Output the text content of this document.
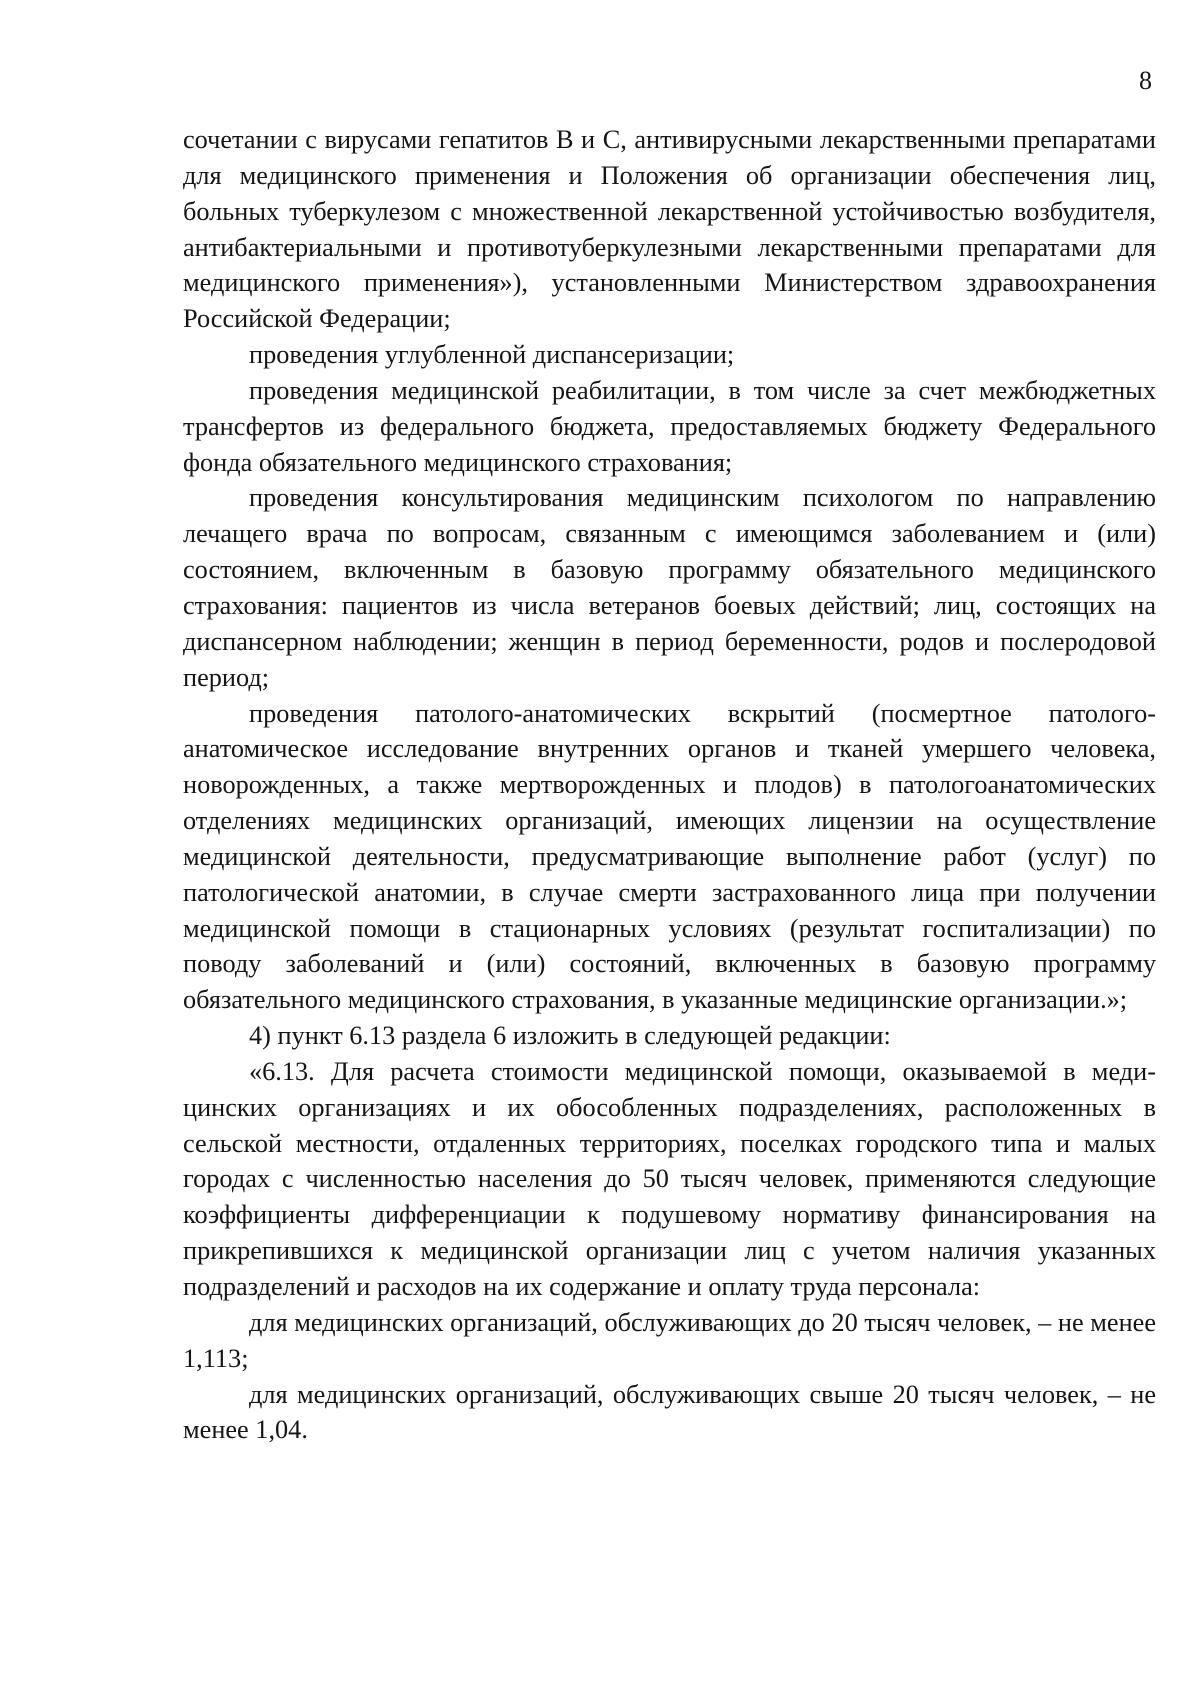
8

сочетании с вирусами гепатитов В и С, антивирусными лекарственными препаратами для медицинского применения и Положения об организации обеспечения лиц, больных туберкулезом с множественной лекарственной устойчивостью возбудителя, антибактериальными и противотуберкулезными лекарственными препаратами для медицинского применения»), установленными Министерством здравоохранения Российской Федерации;

проведения углубленной диспансеризации;

проведения медицинской реабилитации, в том числе за счет межбюджетных трансфертов из федерального бюджета, предоставляемых бюджету Федерального фонда обязательного медицинского страхования;

проведения консультирования медицинским психологом по направлению лечащего врача по вопросам, связанным с имеющимся заболеванием и (или) состоянием, включенным в базовую программу обязательного медицинского страхования: пациентов из числа ветеранов боевых действий; лиц, состоящих на диспансерном наблюдении; женщин в период беременности, родов и послеродовой период;

проведения патолого-анатомических вскрытий (посмертное патологоанатомическое исследование внутренних органов и тканей умершего человека, новорожденных, а также мертворожденных и плодов) в патологоанатомических отделениях медицинских организаций, имеющих лицензии на осуществление медицинской деятельности, предусматривающие выполнение работ (услуг) по патологической анатомии, в случае смерти застрахованного лица при получении медицинской помощи в стационарных условиях (результат госпитализации) по поводу заболеваний и (или) состояний, включенных в базовую программу обязательного медицинского страхования, в указанные медицинские организации.»;

4) пункт 6.13 раздела 6 изложить в следующей редакции:

«6.13. Для расчета стоимости медицинской помощи, оказываемой в медицинских организациях и их обособленных подразделениях, расположенных в сельской местности, отдаленных территориях, поселках городского типа и малых городах с численностью населения до 50 тысяч человек, применяются следующие коэффициенты дифференциации к подушевому нормативу финансирования на прикрепившихся к медицинской организации лиц с учетом наличия указанных подразделений и расходов на их содержание и оплату труда персонала:

для медицинских организаций, обслуживающих до 20 тысяч человек, – не менее 1,113;

для медицинских организаций, обслуживающих свыше 20 тысяч человек, – не менее 1,04.
